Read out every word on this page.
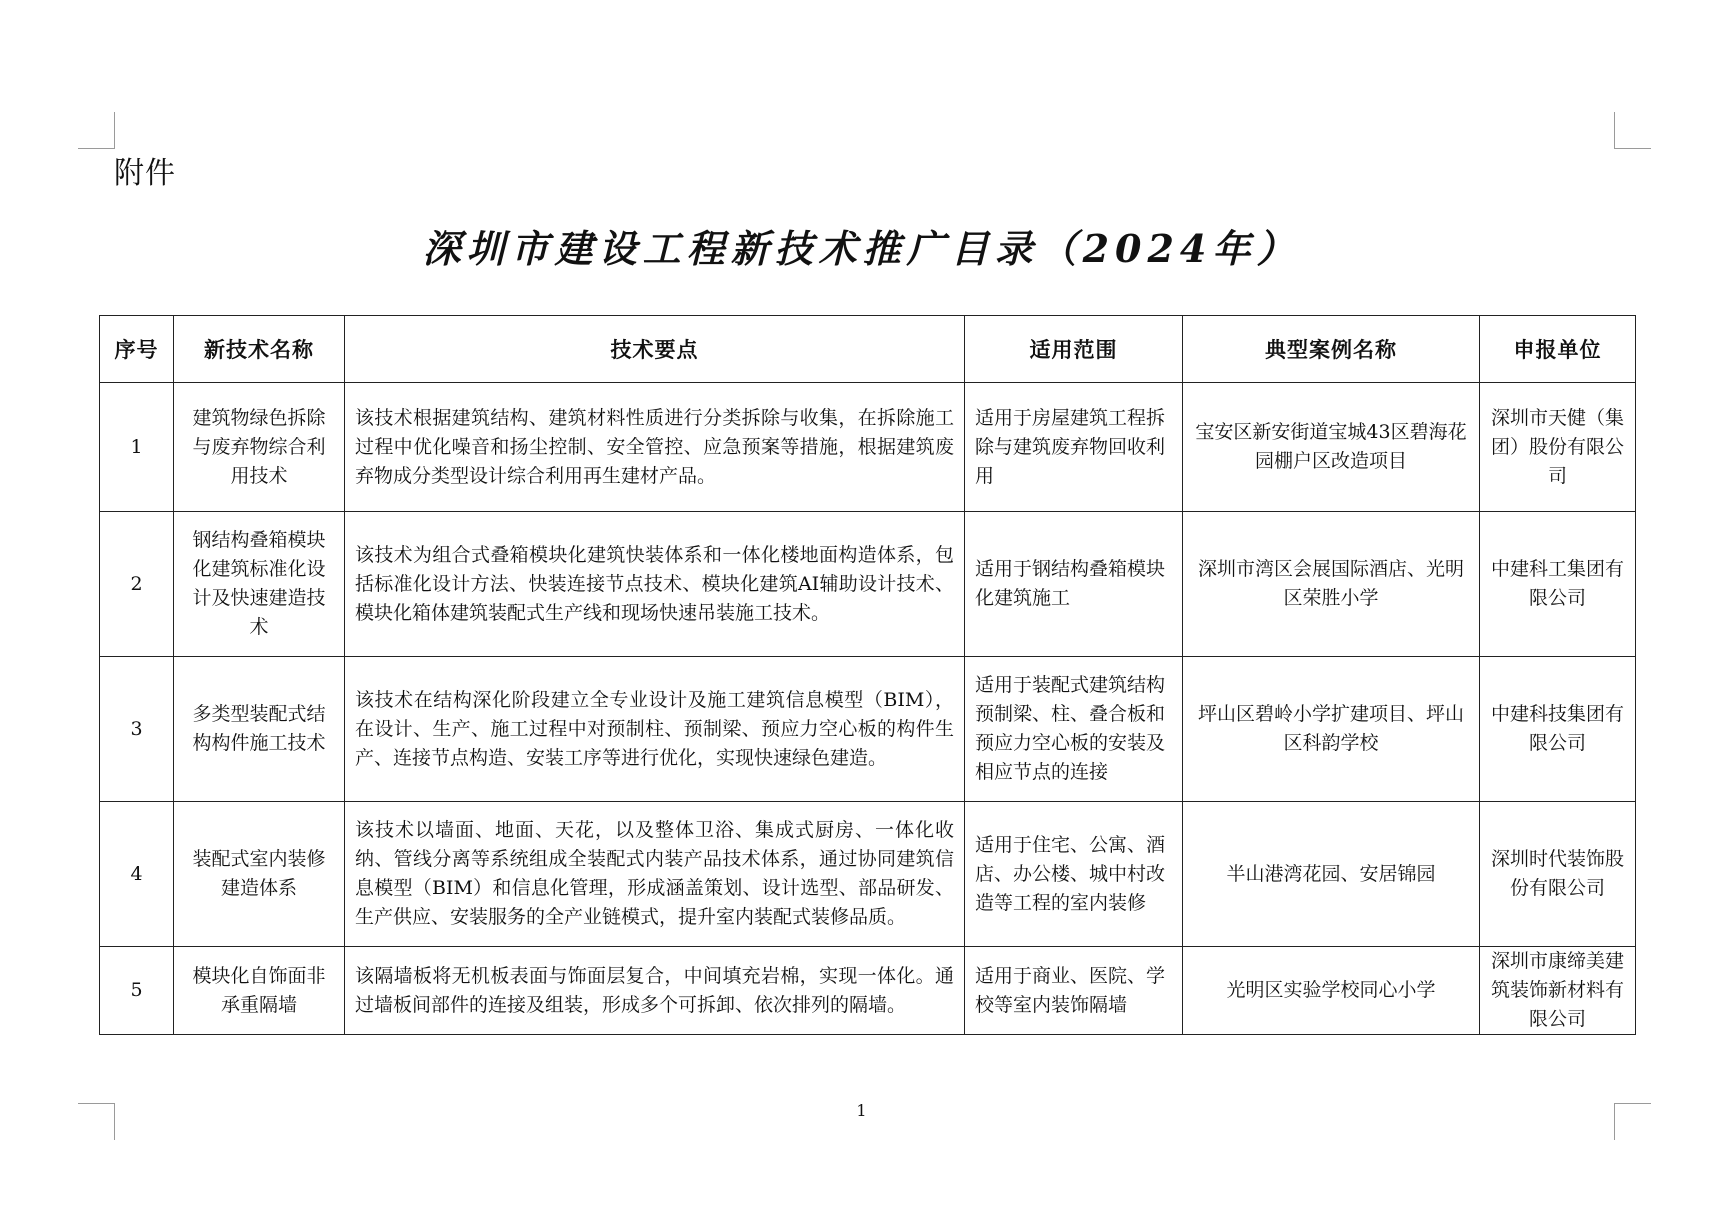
附件
深圳市建设工程新技术推广目录（2024年）
序号	新技术名称	技术要点	适用范围	典型案例名称	申报单位
1	建筑物绿色拆除与废弃物综合利用技术	该技术根据建筑结构、建筑材料性质进行分类拆除与收集，在拆除施工过程中优化噪音和扬尘控制、安全管控、应急预案等措施，根据建筑废弃物成分类型设计综合利用再生建材产品。	适用于房屋建筑工程拆除与建筑废弃物回收利用	宝安区新安街道宝城43区碧海花园棚户区改造项目	深圳市天健（集团）股份有限公司
2	钢结构叠箱模块化建筑标准化设计及快速建造技术	该技术为组合式叠箱模块化建筑快装体系和一体化楼地面构造体系，包括标准化设计方法、快装连接节点技术、模块化建筑AI辅助设计技术、模块化箱体建筑装配式生产线和现场快速吊装施工技术。	适用于钢结构叠箱模块化建筑施工	深圳市湾区会展国际酒店、光明区荣胜小学	中建科工集团有限公司
3	多类型装配式结构构件施工技术	该技术在结构深化阶段建立全专业设计及施工建筑信息模型（BIM），在设计、生产、施工过程中对预制柱、预制梁、预应力空心板的构件生产、连接节点构造、安装工序等进行优化，实现快速绿色建造。	适用于装配式建筑结构预制梁、柱、叠合板和预应力空心板的安装及相应节点的连接	坪山区碧岭小学扩建项目、坪山区科韵学校	中建科技集团有限公司
4	装配式室内装修建造体系	该技术以墙面、地面、天花，以及整体卫浴、集成式厨房、一体化收纳、管线分离等系统组成全装配式内装产品技术体系，通过协同建筑信息模型（BIM）和信息化管理，形成涵盖策划、设计选型、部品研发、生产供应、安装服务的全产业链模式，提升室内装配式装修品质。	适用于住宅、公寓、酒店、办公楼、城中村改造等工程的室内装修	半山港湾花园、安居锦园	深圳时代装饰股份有限公司
5	模块化自饰面非承重隔墙	该隔墙板将无机板表面与饰面层复合，中间填充岩棉，实现一体化。通过墙板间部件的连接及组装，形成多个可拆卸、依次排列的隔墙。	适用于商业、医院、学校等室内装饰隔墙	光明区实验学校同心小学	深圳市康缔美建筑装饰新材料有限公司
1
